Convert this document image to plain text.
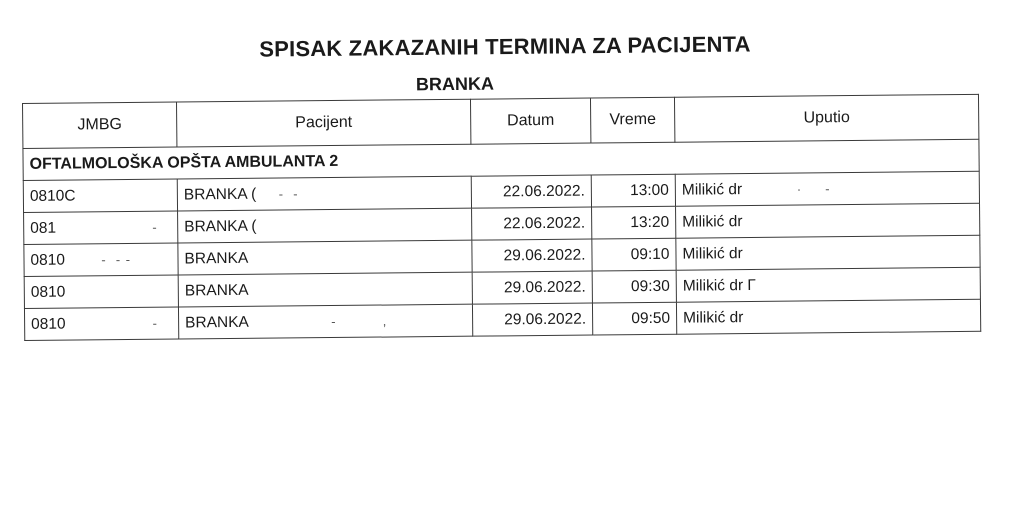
SPISAK ZAKAZANIH TERMINA ZA PACIJENTA
BRANKA
JMBG	Pacijent	Datum	Vreme	Uputio
OFTALMOLOŠKA OPŠTA AMBULANTA 2				
0810С	BRANKA (    -  -	22.06.2022.	13:00	Milikić dr           ·     -
081                    -	BRANKA (	22.06.2022.	13:20	Milikić dr
0810       -  - -	BRANKA	29.06.2022.	09:10	Milikić dr
0810	BRANKA	29.06.2022.	09:30	Milikić dr Γ
0810                  -	BRANKA                 -          ,	29.06.2022.	09:50	Milikić dr
